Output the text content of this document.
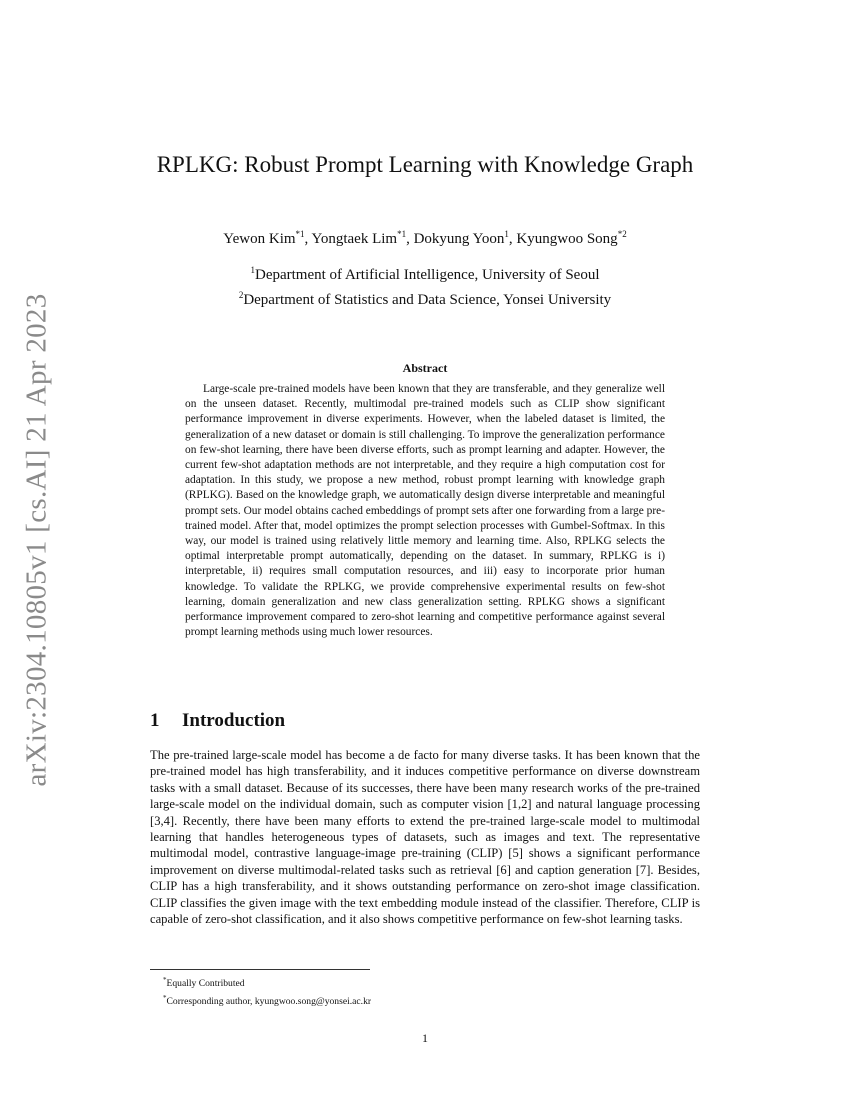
arXiv:2304.10805v1 [cs.AI] 21 Apr 2023
RPLKG: Robust Prompt Learning with Knowledge Graph
Yewon Kim$^{*1}$, Yongtaek Lim$^{*1}$, Dokyung Yoon$^1$, Kyungwoo Song$^{*2}$
$^1$Department of Artificial Intelligence, University of Seoul
$^2$Department of Statistics and Data Science, Yonsei University
Abstract

Large-scale pre-trained models have been known that they are transferable, and they generalize well on the unseen dataset. Recently, multimodal pre-trained models such as CLIP show significant performance improvement in diverse experiments. However, when the labeled dataset is limited, the generalization of a new dataset or domain is still challenging. To improve the generalization performance on few-shot learning, there have been diverse efforts, such as prompt learning and adapter. However, the current few-shot adaptation methods are not interpretable, and they require a high computation cost for adaptation. In this study, we propose a new method, robust prompt learning with knowledge graph (RPLKG). Based on the knowledge graph, we automatically design diverse interpretable and meaningful prompt sets. Our model obtains cached embeddings of prompt sets after one forwarding from a large pre-trained model. After that, model optimizes the prompt selection processes with Gumbel-Softmax. In this way, our model is trained using relatively little memory and learning time. Also, RPLKG selects the optimal interpretable prompt automatically, depending on the dataset. In summary, RPLKG is i) interpretable, ii) requires small computation resources, and iii) easy to incorporate prior human knowledge. To validate the RPLKG, we provide comprehensive experimental results on few-shot learning, domain generalization and new class generalization setting. RPLKG shows a significant performance improvement compared to zero-shot learning and competitive performance against several prompt learning methods using much lower resources.

1 Introduction

The pre-trained large-scale model has become a de facto for many diverse tasks. It has been known that the pre-trained model has high transferability, and it induces competitive performance on diverse downstream tasks with a small dataset. Because of its successes, there have been many research works of the pre-trained large-scale model on the individual domain, such as computer vision [1,2] and natural language processing [3,4]. Recently, there have been many efforts to extend the pre-trained large-scale model to multimodal learning that handles heterogeneous types of datasets, such as images and text. The representative multimodal model, contrastive language-image pre-training (CLIP) [5] shows a significant performance improvement on diverse multimodal-related tasks such as retrieval [6] and caption generation [7]. Besides, CLIP has a high transferability, and it shows outstanding performance on zero-shot image classification. CLIP classifies the given image with the text embedding module instead of the classifier. Therefore, CLIP is capable of zero-shot classification, and it also shows competitive performance on few-shot learning tasks.

*Equally Contributed
*Corresponding author, kyungwoo.song@yonsei.ac.kr
1
